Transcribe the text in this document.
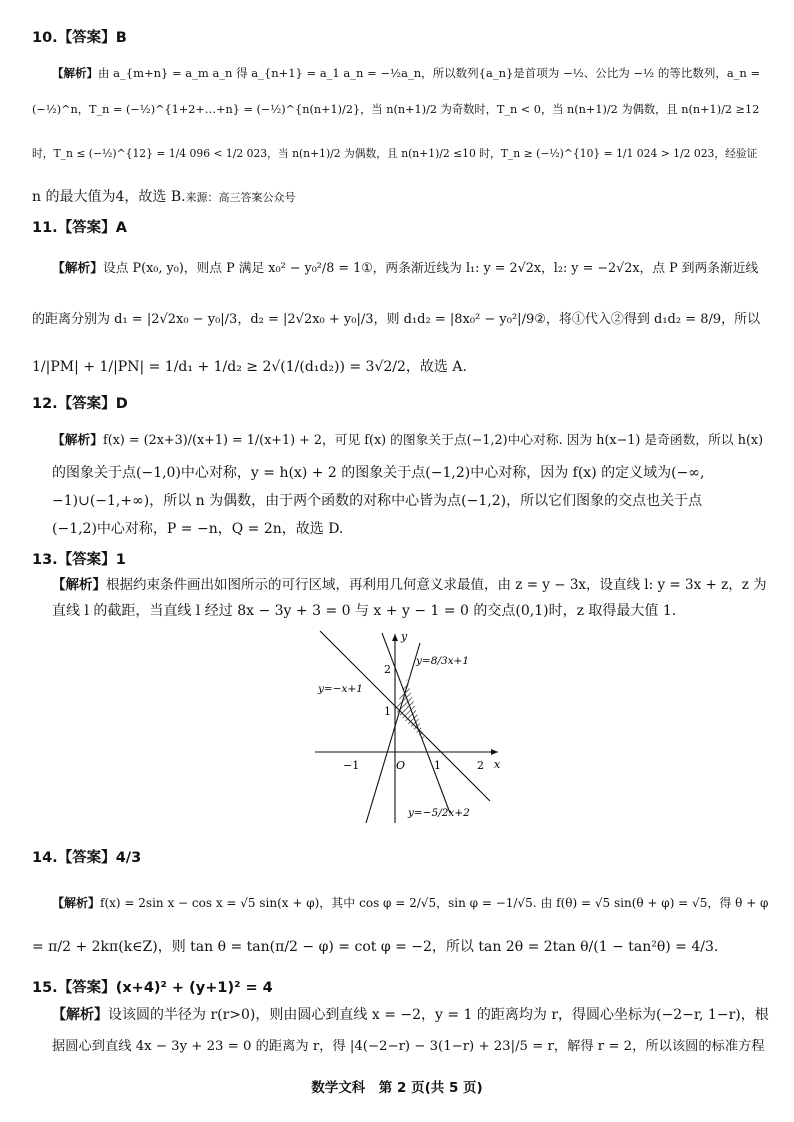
10.【答案】B
【解析】由 a_{m+n} = a_m a_n 得 a_{n+1} = a_1 a_n = −½a_n，所以数列{a_n}是首项为 −½、公比为 −½ 的等比数列，a_n =
(−½)^n，T_n = (−½)^{1+2+…+n} = (−½)^{n(n+1)/2}，当 n(n+1)/2 为奇数时，T_n < 0，当 n(n+1)/2 为偶数，且 n(n+1)/2 ≥12
时，T_n ≤ (−½)^{12} = 1/4 096 < 1/2 023，当 n(n+1)/2 为偶数，且 n(n+1)/2 ≤10 时，T_n ≥ (−½)^{10} = 1/1 024 > 1/2 023，经验证
n 的最大值为4，故选 B.来源：高三答案公众号
11.【答案】A
【解析】设点 P(x₀, y₀)，则点 P 满足 x₀² − y₀²/8 = 1①，两条渐近线为 l₁: y = 2√2x，l₂: y = −2√2x，点 P 到两条渐近线
的距离分别为 d₁ = |2√2x₀ − y₀|/3，d₂ = |2√2x₀ + y₀|/3，则 d₁d₂ = |8x₀² − y₀²|/9②，将①代入②得到 d₁d₂ = 8/9，所以
1/|PM| + 1/|PN| = 1/d₁ + 1/d₂ ≥ 2√(1/(d₁d₂)) = 3√2/2，故选 A.
12.【答案】D
【解析】f(x) = (2x+3)/(x+1) = 1/(x+1) + 2，可见 f(x) 的图象关于点(−1,2)中心对称. 因为 h(x−1) 是奇函数，所以 h(x)
的图象关于点(−1,0)中心对称，y = h(x) + 2 的图象关于点(−1,2)中心对称，因为 f(x) 的定义域为(−∞,
−1)∪(−1,+∞)，所以 n 为偶数，由于两个函数的对称中心皆为点(−1,2)，所以它们图象的交点也关于点
(−1,2)中心对称，P = −n，Q = 2n，故选 D.
13.【答案】1
【解析】根据约束条件画出如图所示的可行区域，再利用几何意义求最值，由 z = y − 3x，设直线 l: y = 3x + z，z 为
直线 l 的截距，当直线 l 经过 8x − 3y + 3 = 0 与 x + y − 1 = 0 的交点(0,1)时，z 取得最大值 1.
−1	1	2
1
2
O	x
y
y=8/3x+1
y=−x+1
y=−5/2x+2
14.【答案】4/3
【解析】f(x) = 2sin x − cos x = √5 sin(x + φ)，其中 cos φ = 2/√5，sin φ = −1/√5. 由 f(θ) = √5 sin(θ + φ) = √5，得 θ + φ
= π/2 + 2kπ(k∈Z)，则 tan θ = tan(π/2 − φ) = cot φ = −2，所以 tan 2θ = 2tan θ/(1 − tan²θ) = 4/3.
15.【答案】(x+4)² + (y+1)² = 4
【解析】设该圆的半径为 r(r>0)，则由圆心到直线 x = −2，y = 1 的距离均为 r，得圆心坐标为(−2−r, 1−r)，根
据圆心到直线 4x − 3y + 23 = 0 的距离为 r，得 |4(−2−r) − 3(1−r) + 23|/5 = r，解得 r = 2，所以该圆的标准方程
数学文科　第 2 页(共 5 页)
